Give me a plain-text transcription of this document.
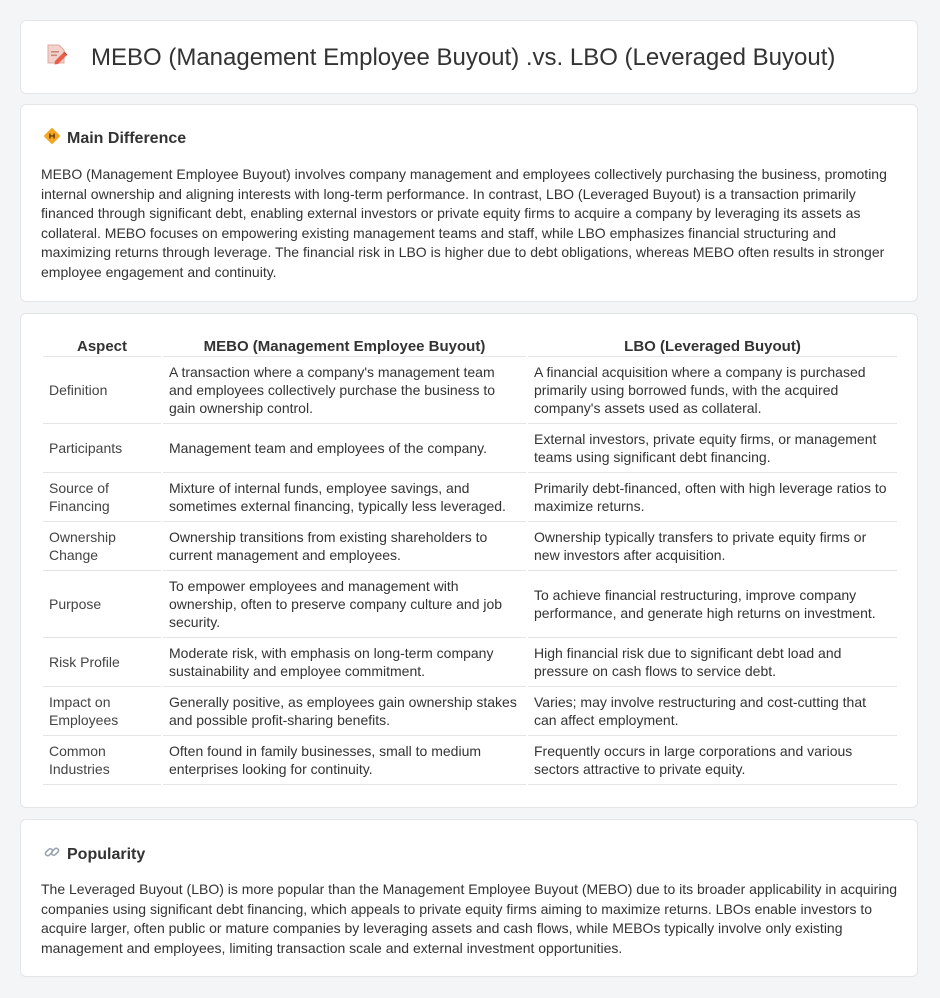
MEBO (Management Employee Buyout) .vs. LBO (Leveraged Buyout)
Main Difference

MEBO (Management Employee Buyout) involves company management and employees collectively purchasing the business, promoting internal ownership and aligning interests with long-term performance. In contrast, LBO (Leveraged Buyout) is a transaction primarily financed through significant debt, enabling external investors or private equity firms to acquire a company by leveraging its assets as collateral. MEBO focuses on empowering existing management teams and staff, while LBO emphasizes financial structuring and maximizing returns through leverage. The financial risk in LBO is higher due to debt obligations, whereas MEBO often results in stronger employee engagement and continuity.

Aspect	MEBO (Management Employee Buyout)	LBO (Leveraged Buyout)
Definition	A transaction where a company's management team and employees collectively purchase the business to gain ownership control.	A financial acquisition where a company is purchased primarily using borrowed funds, with the acquired company's assets used as collateral.
Participants	Management team and employees of the company.	External investors, private equity firms, or management teams using significant debt financing.
Source of Financing	Mixture of internal funds, employee savings, and sometimes external financing, typically less leveraged.	Primarily debt-financed, often with high leverage ratios to maximize returns.
Ownership Change	Ownership transitions from existing shareholders to current management and employees.	Ownership typically transfers to private equity firms or new investors after acquisition.
Purpose	To empower employees and management with ownership, often to preserve company culture and job security.	To achieve financial restructuring, improve company performance, and generate high returns on investment.
Risk Profile	Moderate risk, with emphasis on long-term company sustainability and employee commitment.	High financial risk due to significant debt load and pressure on cash flows to service debt.
Impact on Employees	Generally positive, as employees gain ownership stakes and possible profit-sharing benefits.	Varies; may involve restructuring and cost-cutting that can affect employment.
Common Industries	Often found in family businesses, small to medium enterprises looking for continuity.	Frequently occurs in large corporations and various sectors attractive to private equity.
Popularity

The Leveraged Buyout (LBO) is more popular than the Management Employee Buyout (MEBO) due to its broader applicability in acquiring companies using significant debt financing, which appeals to private equity firms aiming to maximize returns. LBOs enable investors to acquire larger, often public or mature companies by leveraging assets and cash flows, while MEBOs typically involve only existing management and employees, limiting transaction scale and external investment opportunities.
